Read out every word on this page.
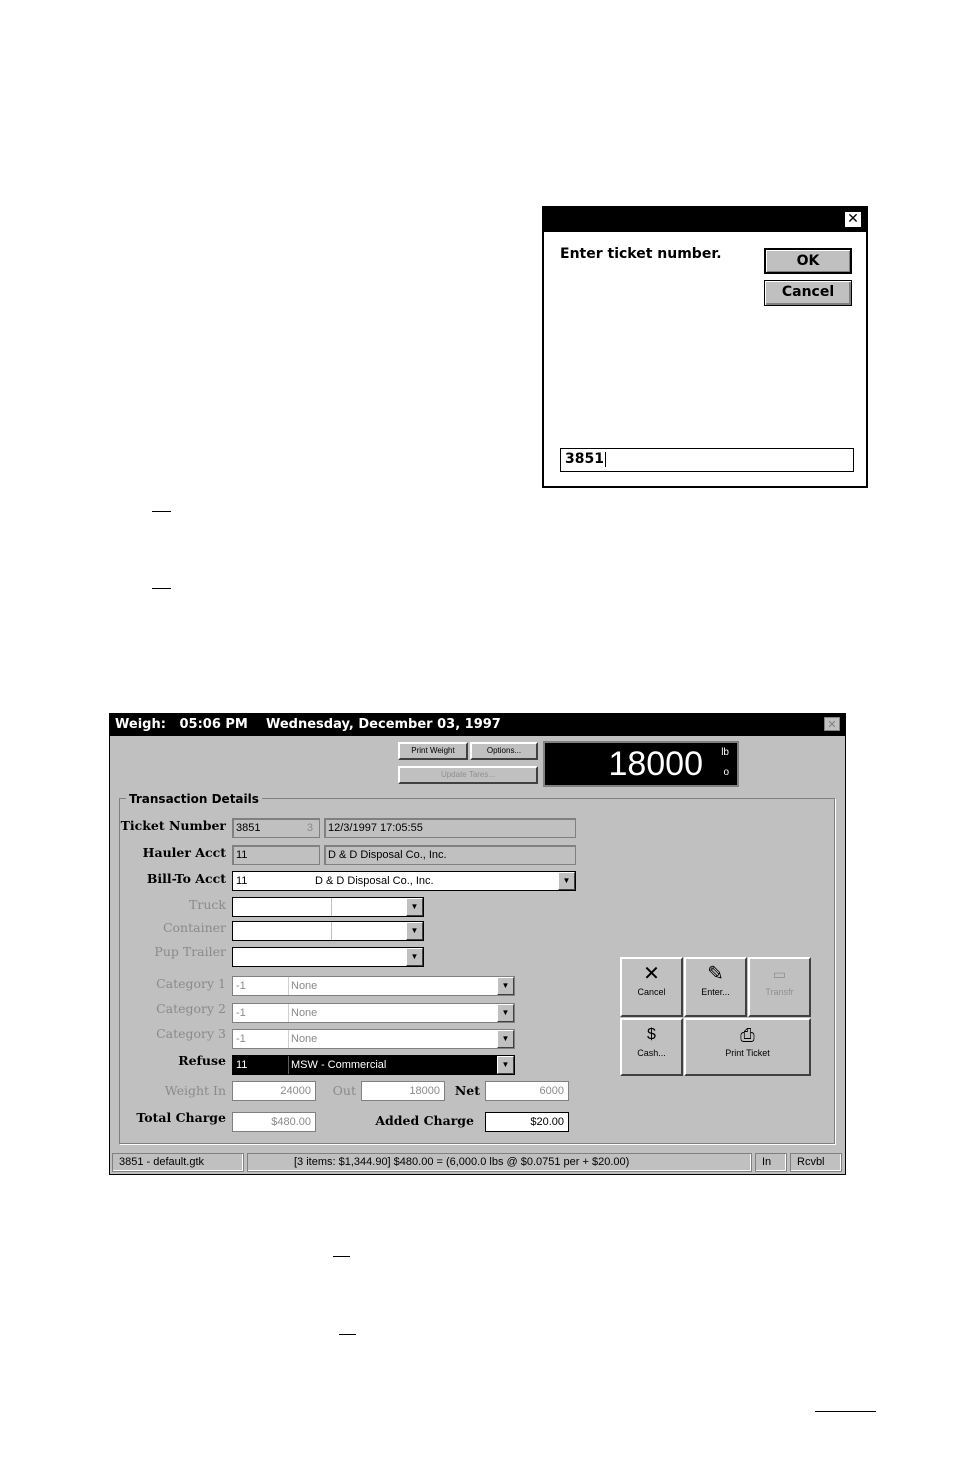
✕
Enter ticket number.	OK
Cancel
3851
Weigh:   05:06 PM    Wednesday, December 03, 1997	✕
Print Weight	Options...
Update Tares...	18000 lb
o
Transaction Details
Ticket Number 3851	3	12/3/1997 17:05:55
Hauler Acct 11	D & D Disposal Co., Inc.
Bill-To Acct 11	D & D Disposal Co., Inc.	▼
Truck	▼
Container	▼
Pup Trailer	▼
Category 1 -1	None	▼
Category 2 -1	None	▼
Category 3 -1	None	▼
Refuse 11	MSW - Commercial	▼
Weight In	24000	Out	18000	Net	6000
Total Charge	$480.00	Added Charge	$20.00
✕
Cancel
✎
Enter...
▭
Transfr
$
Cash...
⎙
Print Ticket
3851 - default.gtk	[3 items: $1,344.90] $480.00 = (6,000.0 lbs @ $0.0751 per + $20.00)	In	Rcvbl
